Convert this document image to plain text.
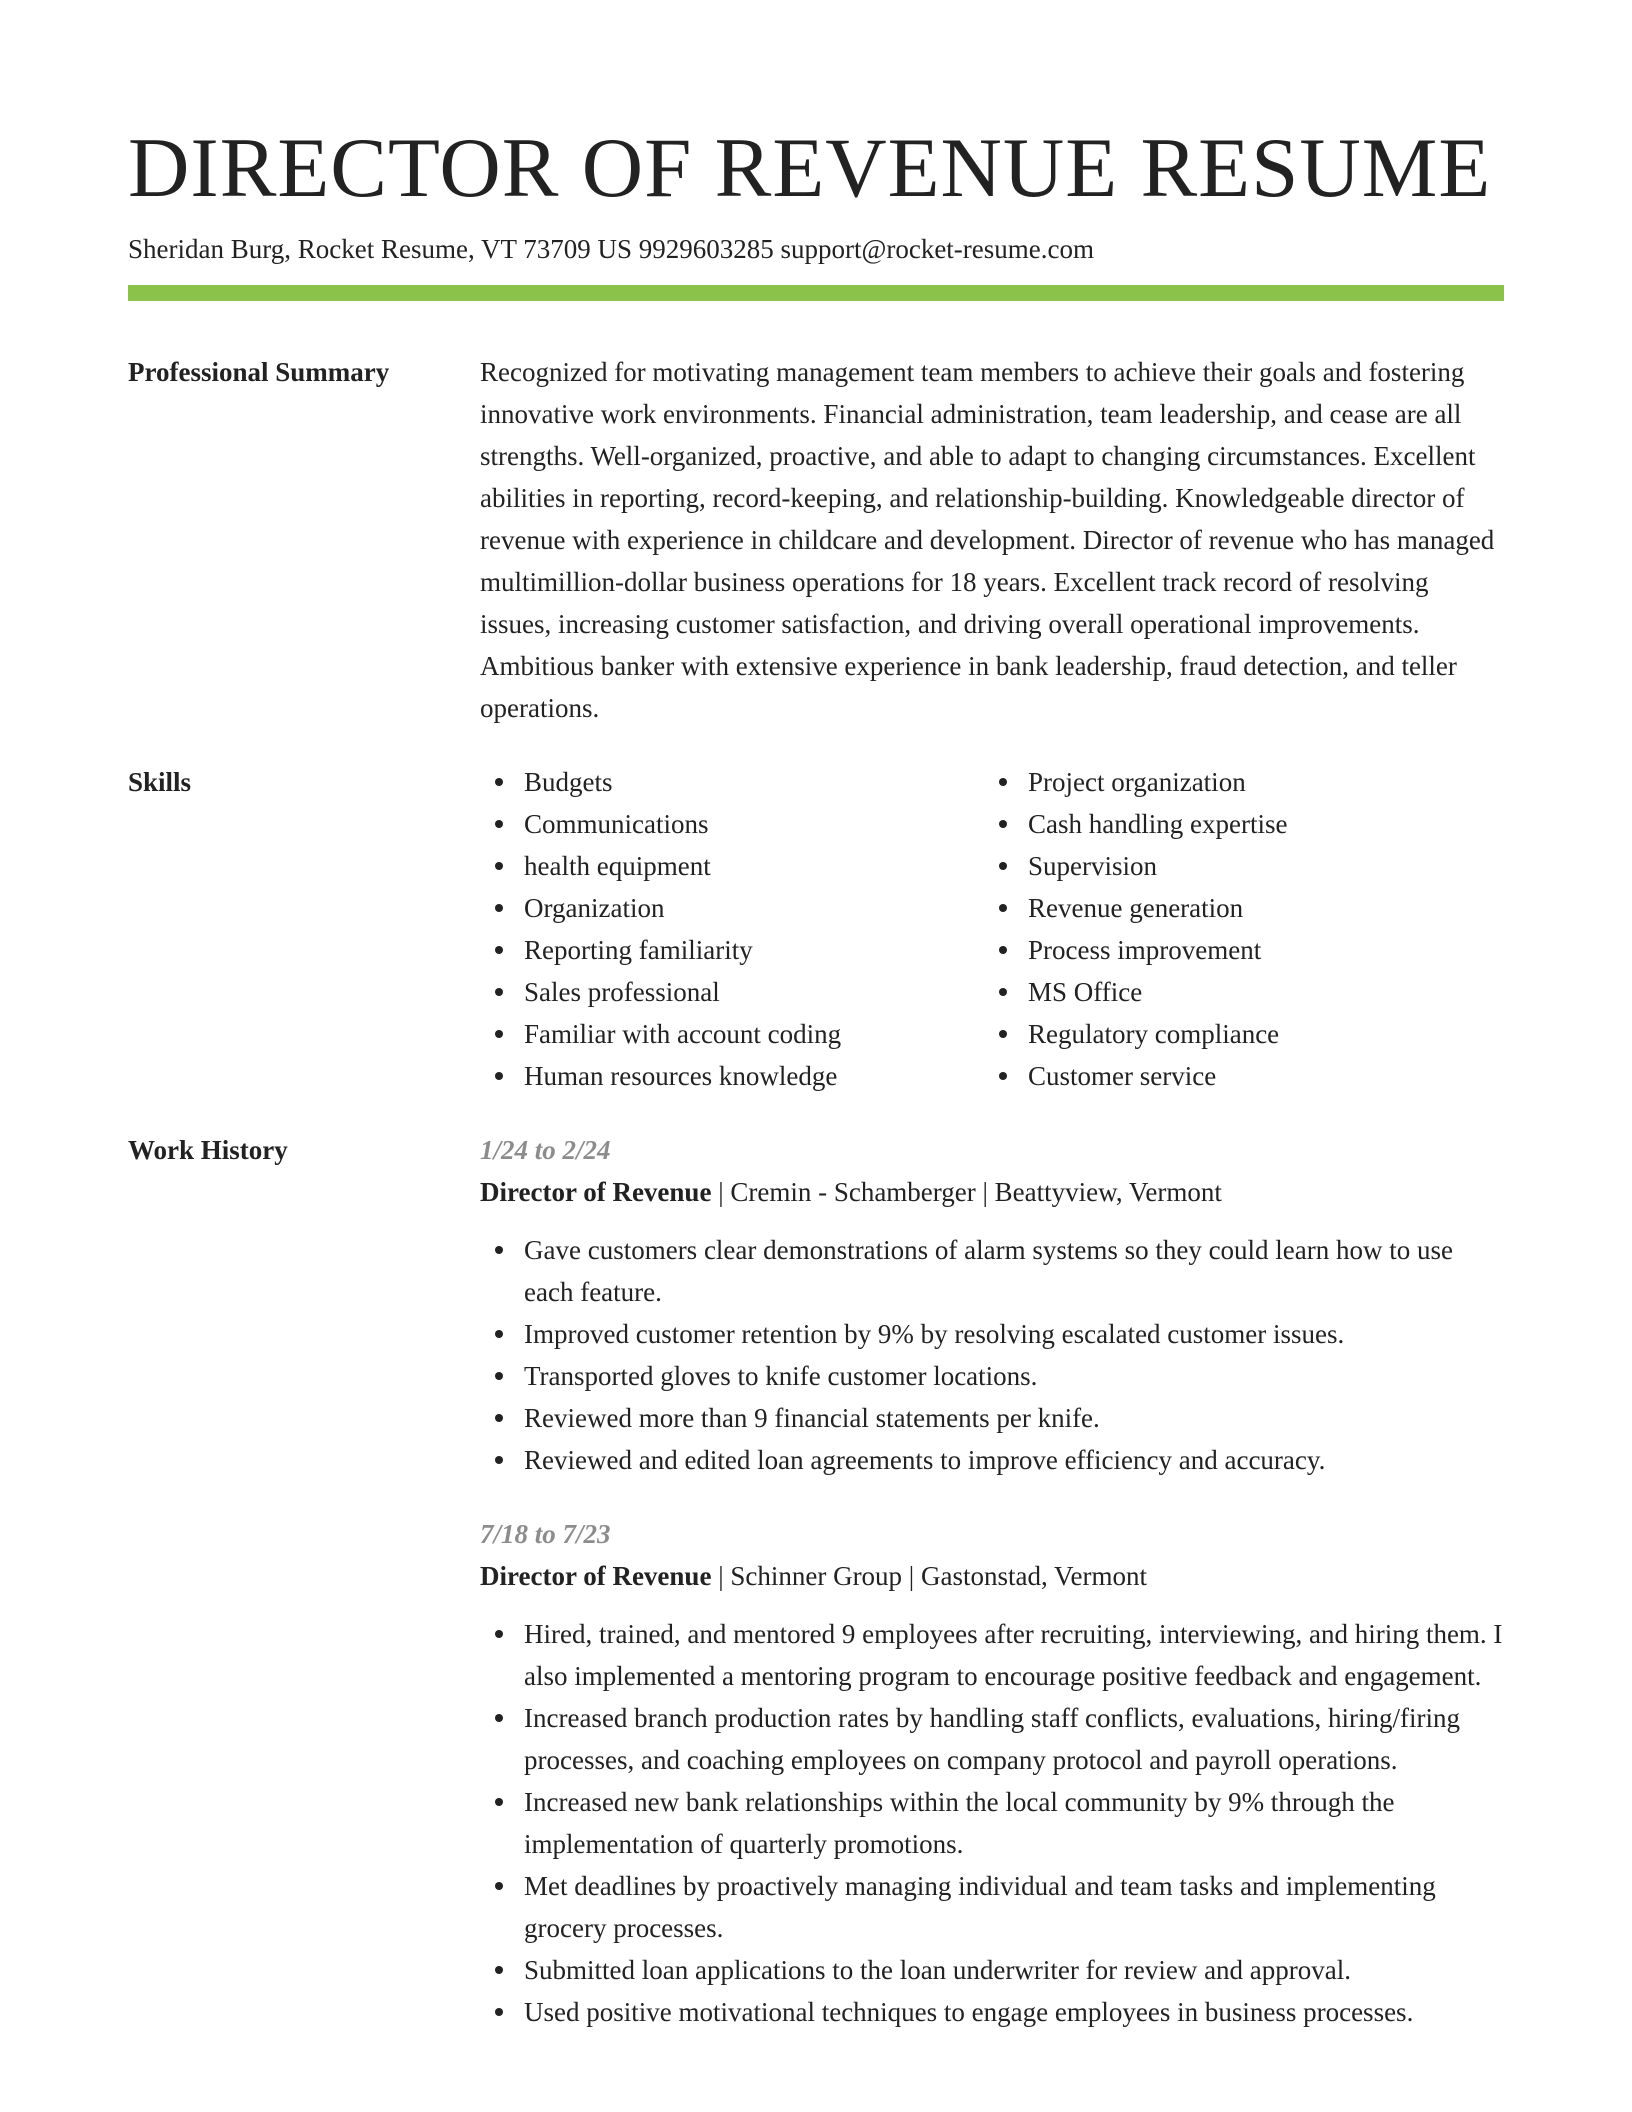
DIRECTOR OF REVENUE RESUME
Sheridan Burg, Rocket Resume, VT 73709 US 9929603285 support@rocket-resume.com
Professional Summary	Recognized for motivating management team members to achieve their goals and fostering innovative work environments. Financial administration, team leadership, and cease are all strengths. Well-organized, proactive, and able to adapt to changing circumstances. Excellent abilities in reporting, record-keeping, and relationship-building. Knowledgeable director of revenue with experience in childcare and development. Director of revenue who has managed multimillion-dollar business operations for 18 years. Excellent track record of resolving issues, increasing customer satisfaction, and driving overall operational improvements. Ambitious banker with extensive experience in bank leadership, fraud detection, and teller operations.
Skills	Budgets
Communications
health equipment
Organization
Reporting familiarity
Sales professional
Familiar with account coding
Human resources knowledge
Project organization
Cash handling expertise
Supervision
Revenue generation
Process improvement
MS Office
Regulatory compliance
Customer service
Work History	1/24 to 2/24
Director of Revenue | Cremin - Schamberger | Beattyview, Vermont
Gave customers clear demonstrations of alarm systems so they could learn how to use each feature.
Improved customer retention by 9% by resolving escalated customer issues.
Transported gloves to knife customer locations.
Reviewed more than 9 financial statements per knife.
Reviewed and edited loan agreements to improve efficiency and accuracy.
7/18 to 7/23
Director of Revenue | Schinner Group | Gastonstad, Vermont
Hired, trained, and mentored 9 employees after recruiting, interviewing, and hiring them. I also implemented a mentoring program to encourage positive feedback and engagement.
Increased branch production rates by handling staff conflicts, evaluations, hiring/firing processes, and coaching employees on company protocol and payroll operations.
Increased new bank relationships within the local community by 9% through the implementation of quarterly promotions.
Met deadlines by proactively managing individual and team tasks and implementing grocery processes.
Submitted loan applications to the loan underwriter for review and approval.
Used positive motivational techniques to engage employees in business processes.
